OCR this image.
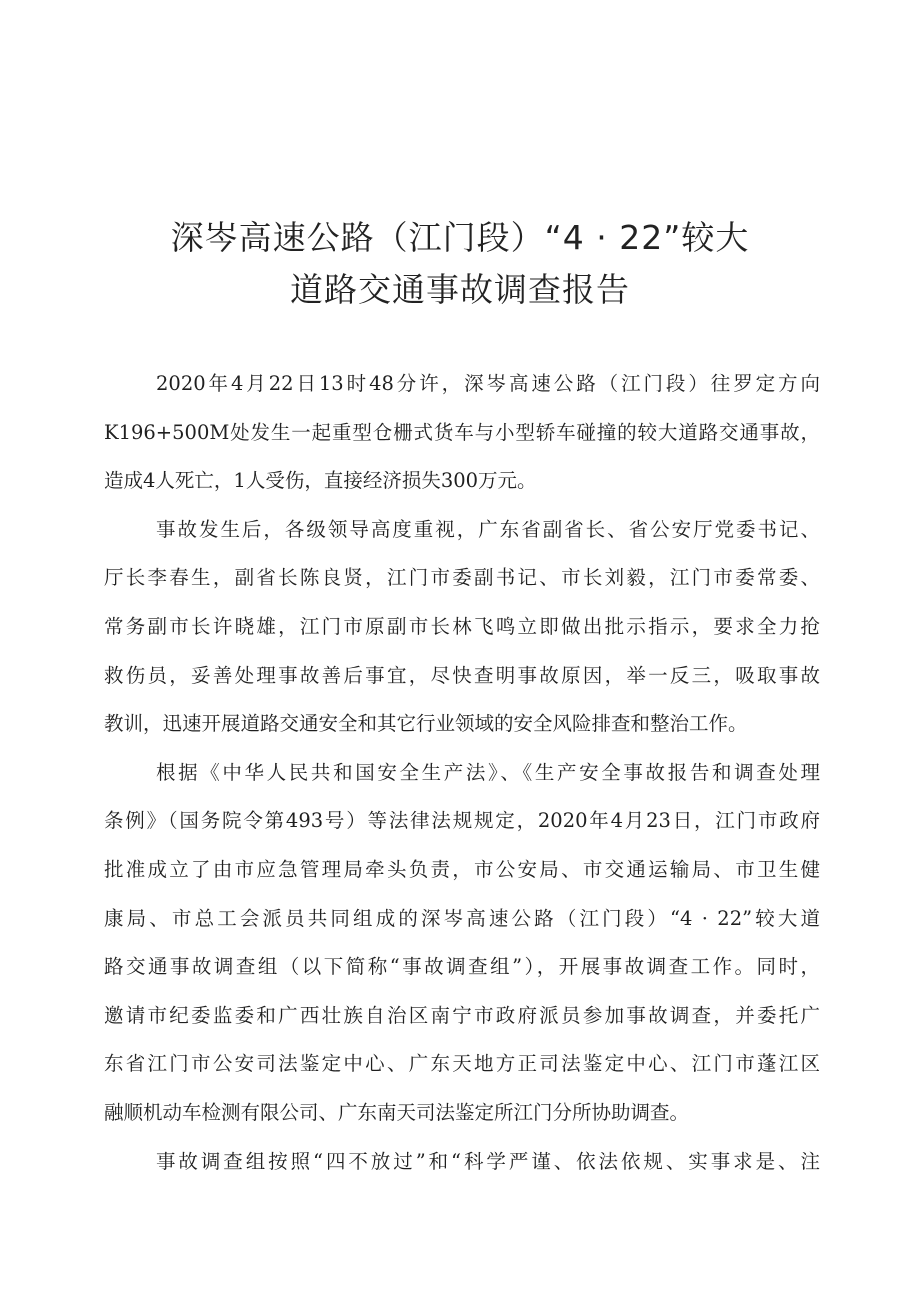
深岑高速公路（江门段）“4 · 22”较大
道路交通事故调查报告
2020年4月22日13时48分许，深岑高速公路（江门段）往罗定方向
K196+500M处发生一起重型仓栅式货车与小型轿车碰撞的较大道路交通事故，
造成4人死亡，1人受伤，直接经济损失300万元。
事故发生后，各级领导高度重视，广东省副省长、省公安厅党委书记、
厅长李春生，副省长陈良贤，江门市委副书记、市长刘毅，江门市委常委、
常务副市长许晓雄，江门市原副市长林飞鸣立即做出批示指示，要求全力抢
救伤员，妥善处理事故善后事宜，尽快查明事故原因，举一反三，吸取事故
教训，迅速开展道路交通安全和其它行业领域的安全风险排查和整治工作。
根据《中华人民共和国安全生产法》、《生产安全事故报告和调查处理
条例》（国务院令第493号）等法律法规规定，2020年4月23日，江门市政府
批准成立了由市应急管理局牵头负责，市公安局、市交通运输局、市卫生健
康局、市总工会派员共同组成的深岑高速公路（江门段）“4 · 22”较大道
路交通事故调查组（以下简称“事故调查组”），开展事故调查工作。同时，
邀请市纪委监委和广西壮族自治区南宁市政府派员参加事故调查，并委托广
东省江门市公安司法鉴定中心、广东天地方正司法鉴定中心、江门市蓬江区
融顺机动车检测有限公司、广东南天司法鉴定所江门分所协助调查。
事故调查组按照“四不放过”和“科学严谨、依法依规、实事求是、注
